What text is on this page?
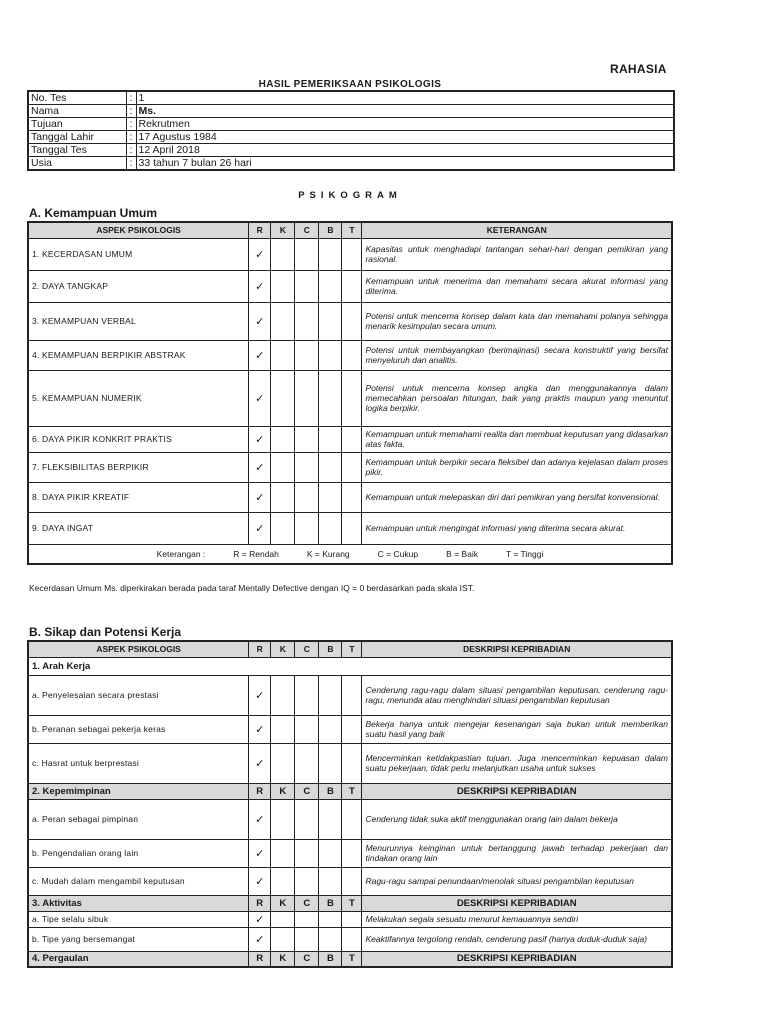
RAHASIA
HASIL PEMERIKSAAN PSIKOLOGIS
No. Tes	:	1
Nama	:	Ms.
Tujuan	:	Rekrutmen
Tanggal Lahir	:	17 Agustus 1984
Tanggal Tes	:	12 April 2018
Usia	:	33 tahun 7 bulan 26 hari
PSIKOGRAM
A. Kemampuan Umum
ASPEK PSIKOLOGIS	R	K	C	B	T	KETERANGAN
1. KECERDASAN UMUM	✓					Kapasitas untuk menghadapi tantangan sehari-hari dengan pemikiran yang rasional.
2. DAYA TANGKAP	✓					Kemampuan untuk menerima dan memahami secara akurat informasi yang diterima.
3. KEMAMPUAN VERBAL	✓					Potensi untuk mencerna konsep dalam kata dan memahami polanya sehingga menarik kesimpulan secara umum.
4. KEMAMPUAN BERPIKIR ABSTRAK	✓					Potensi untuk membayangkan (berimajinasi) secara konstruktif yang bersifat menyeluruh dan analitis.
5. KEMAMPUAN NUMERIK	✓					Potensi untuk mencerna konsep angka dan menggunakannya dalam memecahkan persoalan hitungan, baik yang praktis maupun yang menuntut logika berpikir.
6. DAYA PIKIR KONKRIT PRAKTIS	✓					Kemampuan untuk memahami realita dan membuat keputusan yang didasarkan atas fakta.
7. FLEKSIBILITAS BERPIKIR	✓					Kemampuan untuk berpikir secara fleksibel dan adanya kejelasan dalam proses pikir.
8. DAYA PIKIR KREATIF	✓					Kemampuan untuk melepaskan diri dari pemikiran yang bersifat konvensional.
9. DAYA INGAT	✓					Kemampuan untuk mengingat informasi yang diterima secara akurat.

Keterangan : R = Rendah K = Kurang C = Cukup B = Baik T = Tinggi						
Kecerdasan Umum Ms. diperkirakan berada pada taraf Mentally Defective dengan IQ = 0 berdasarkan pada skala IST.
B. Sikap dan Potensi Kerja
ASPEK PSIKOLOGIS	R	K	C	B	T	DESKRIPSI KEPRIBADIAN
1. Arah Kerja						
a. Penyelesaian secara prestasi	✓					Cenderung ragu-ragu dalam situasi pengambilan keputusan, cenderung ragu-ragu, menunda atau menghindari situasi pengambilan keputusan
b. Peranan sebagai pekerja keras	✓					Bekerja hanya untuk mengejar kesenangan saja bukan untuk memberikan suatu hasil yang baik
c. Hasrat untuk berprestasi	✓					Mencerminkan ketidakpastian tujuan. Juga mencerminkan kepuasan dalam suatu pekerjaan, tidak perlu melanjutkan usaha untuk sukses
2. Kepemimpinan	R	K	C	B	T	DESKRIPSI KEPRIBADIAN
a. Peran sebagai pimpinan	✓					Cenderung tidak suka aktif menggunakan orang lain dalam bekerja
b. Pengendalian orang lain	✓					Menurunnya keinginan untuk bertanggung jawab terhadap pekerjaan dan tindakan orang lain
c. Mudah dalam mengambil keputusan	✓					Ragu-ragu sampai penundaan/menolak situasi pengambilan keputusan
3. Aktivitas	R	K	C	B	T	DESKRIPSI KEPRIBADIAN
a. Tipe selalu sibuk	✓					Melakukan segala sesuatu menurut kemauannya sendiri
b. Tipe yang bersemangat	✓					Keaktifannya tergolong rendah, cenderung pasif (hanya duduk-duduk saja)
4. Pergaulan	R	K	C	B	T	DESKRIPSI KEPRIBADIAN
